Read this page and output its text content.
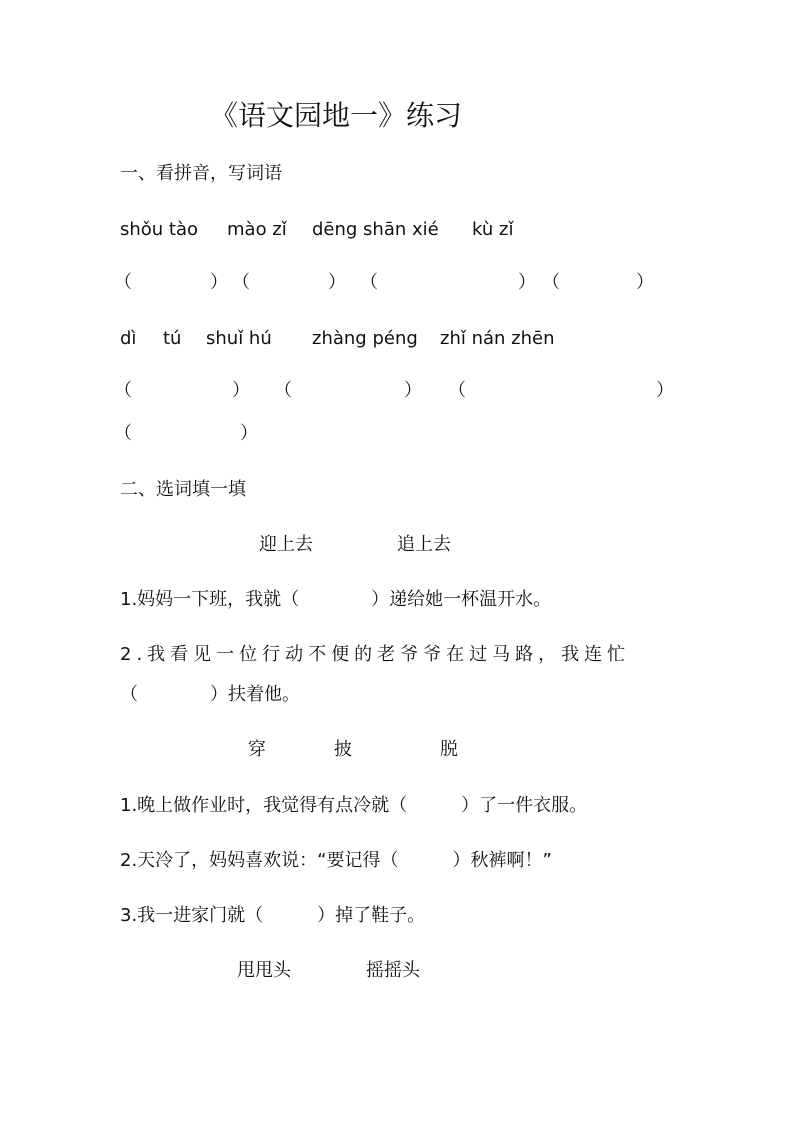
《语文园地一》练习
一、看拼音，写词语
shǒu tào mào zǐ dēng shān xié kù zǐ
（	） （	） （	） （	）
dì tú shuǐ hú zhàng péng zhǐ nán zhēn
（	） （	） （	）
（	）
二、选词填一填
迎上去	追上去
1.妈妈一下班，我就（　　　　）递给她一杯温开水。
2.我看见一位行动不便的老爷爷在过马路，我连忙
（　　　　）扶着他。
穿	披	脱
1.晚上做作业时，我觉得有点冷就（　　　）了一件衣服。
2.天冷了，妈妈喜欢说：“要记得（　　　）秋裤啊！”
3.我一进家门就（　　　）掉了鞋子。
甩甩头	摇摇头
